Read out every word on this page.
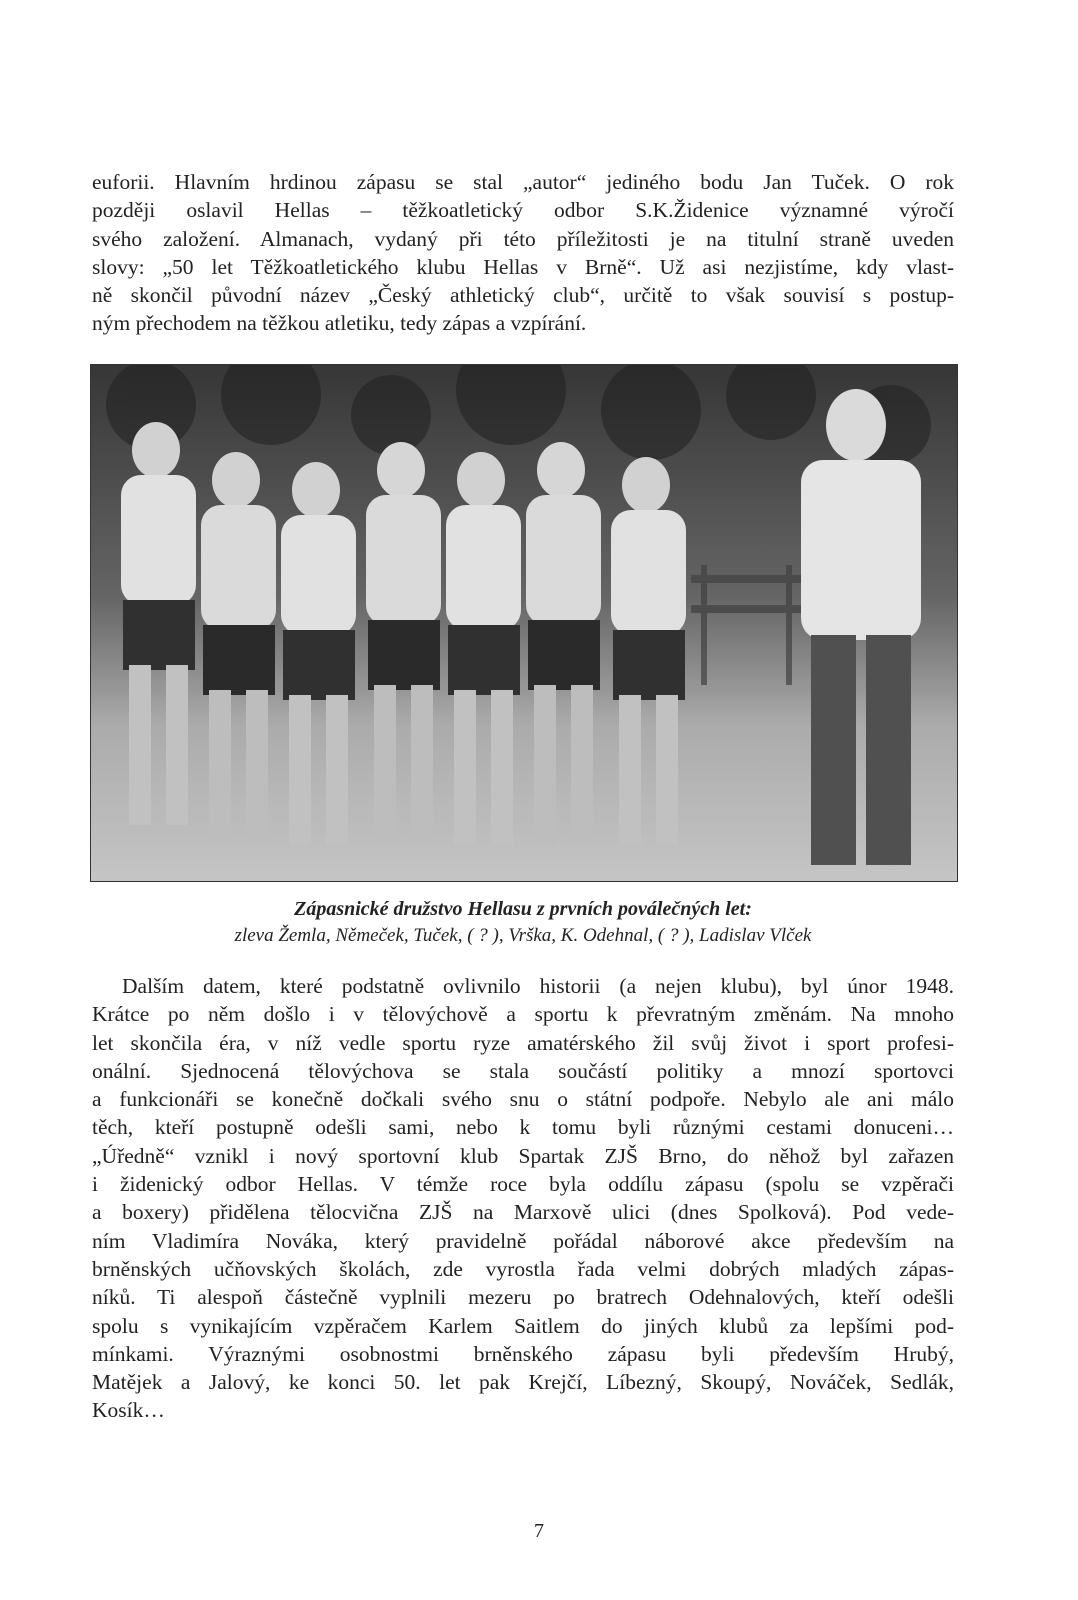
euforii. Hlavním hrdinou zápasu se stal „autor“ jediného bodu Jan Tuček. O rok
později oslavil Hellas – těžkoatletický odbor S.K.Židenice významné výročí
svého založení. Almanach, vydaný při této příležitosti je na titulní straně uveden
slovy: „50 let Těžkoatletického klubu Hellas v Brně“. Už asi nezjistíme, kdy vlast-
ně skončil původní název „Český athletický club“, určitě to však souvisí s postup-
ným přechodem na těžkou atletiku, tedy zápas a vzpírání.
Zápasnické družstvo Hellasu z prvních poválečných let:
zleva Žemla, Němeček, Tuček, ( ? ), Vrška, K. Odehnal, ( ? ), Ladislav Vlček
Dalším datem, které podstatně ovlivnilo historii (a nejen klubu), byl únor 1948.
Krátce po něm došlo i v tělovýchově a sportu k převratným změnám. Na mnoho
let skončila éra, v níž vedle sportu ryze amatérského žil svůj život i sport profesi-
onální. Sjednocená tělovýchova se stala součástí politiky a mnozí sportovci
a funkcionáři se konečně dočkali svého snu o státní podpoře. Nebylo ale ani málo
těch, kteří postupně odešli sami, nebo k tomu byli různými cestami donuceni…
„Úředně“ vznikl i nový sportovní klub Spartak ZJŠ Brno, do něhož byl zařazen
i židenický odbor Hellas. V témže roce byla oddílu zápasu (spolu se vzpěrači
a boxery) přidělena tělocvična ZJŠ na Marxově ulici (dnes Spolková). Pod vede-
ním Vladimíra Nováka, který pravidelně pořádal náborové akce především na
brněnských učňovských školách, zde vyrostla řada velmi dobrých mladých zápas-
níků. Ti alespoň částečně vyplnili mezeru po bratrech Odehnalových, kteří odešli
spolu s vynikajícím vzpěračem Karlem Saitlem do jiných klubů za lepšími pod-
mínkami. Výraznými osobnostmi brněnského zápasu byli především Hrubý,
Matějek a Jalový, ke konci 50. let pak Krejčí, Líbezný, Skoupý, Nováček, Sedlák,
Kosík…
7
